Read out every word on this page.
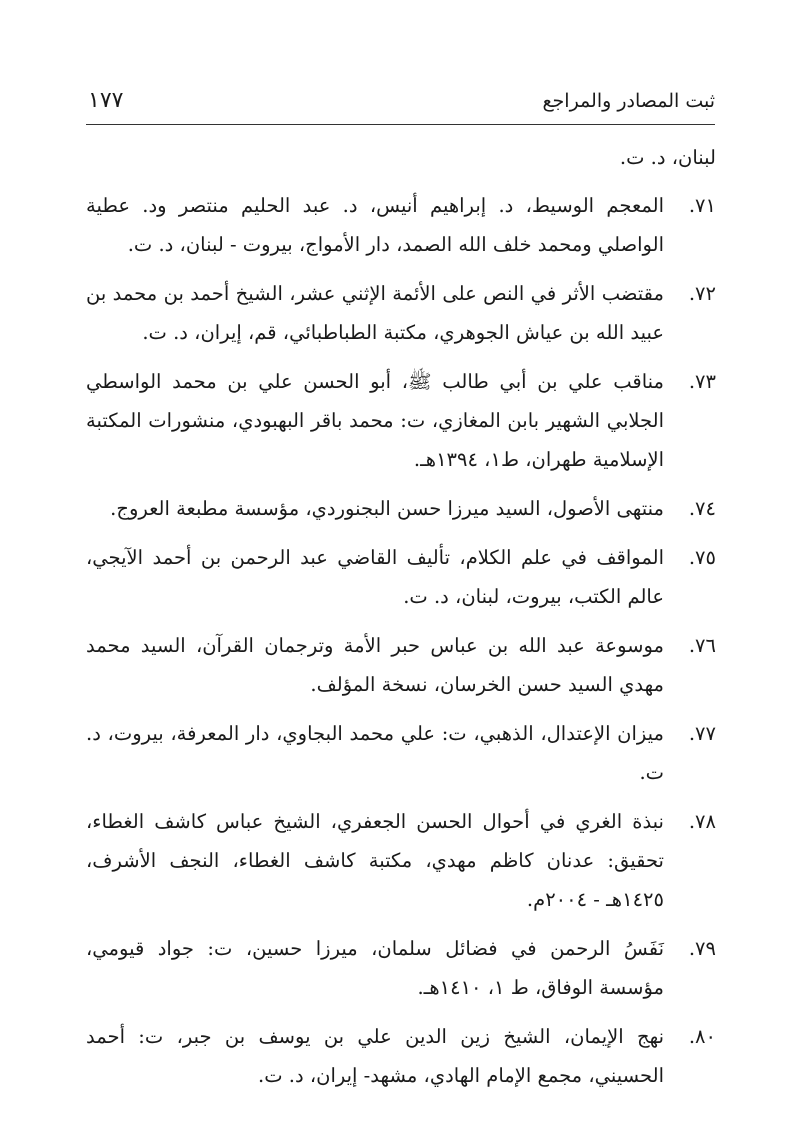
ثبت المصادر والمراجع
١٧٧
لبنان، د. ت.
٧١.
المعجم الوسيط، د. إبراهيم أنيس، د. عبد الحليم منتصر ود. عطية الواصلي ومحمد خلف الله الصمد، دار الأمواج، بيروت - لبنان، د. ت.
٧٢.
مقتضب الأثر في النص على الأئمة الإثني عشر، الشيخ أحمد بن محمد بن عبيد الله بن عياش الجوهري، مكتبة الطباطبائي، قم، إيران، د. ت.
٧٣.
مناقب علي بن أبي طالب ﷺ، أبو الحسن علي بن محمد الواسطي الجلابي الشهير بابن المغازي، ت: محمد باقر البهبودي، منشورات المكتبة الإسلامية طهران، ط١، ١٣٩٤هـ.
٧٤.
منتهى الأصول، السيد ميرزا حسن البجنوردي، مؤسسة مطبعة العروج.
٧٥.
المواقف في علم الكلام، تأليف القاضي عبد الرحمن بن أحمد الآيجي، عالم الكتب، بيروت، لبنان، د. ت.
٧٦.
موسوعة عبد الله بن عباس حبر الأمة وترجمان القرآن، السيد محمد مهدي السيد حسن الخرسان، نسخة المؤلف.
٧٧.
ميزان الإعتدال، الذهبي، ت: علي محمد البجاوي، دار المعرفة، بيروت، د. ت.
٧٨.
نبذة الغري في أحوال الحسن الجعفري، الشيخ عباس كاشف الغطاء، تحقيق: عدنان كاظم مهدي، مكتبة كاشف الغطاء، النجف الأشرف، ١٤٢٥هـ - ٢٠٠٤م.
٧٩.
نَفَسُ الرحمن في فضائل سلمان، ميرزا حسين، ت: جواد قيومي، مؤسسة الوفاق، ط ١، ١٤١٠هـ.
٨٠.
نهج الإيمان، الشيخ زين الدين علي بن يوسف بن جبر، ت: أحمد الحسيني، مجمع الإمام الهادي، مشهد- إيران، د. ت.
